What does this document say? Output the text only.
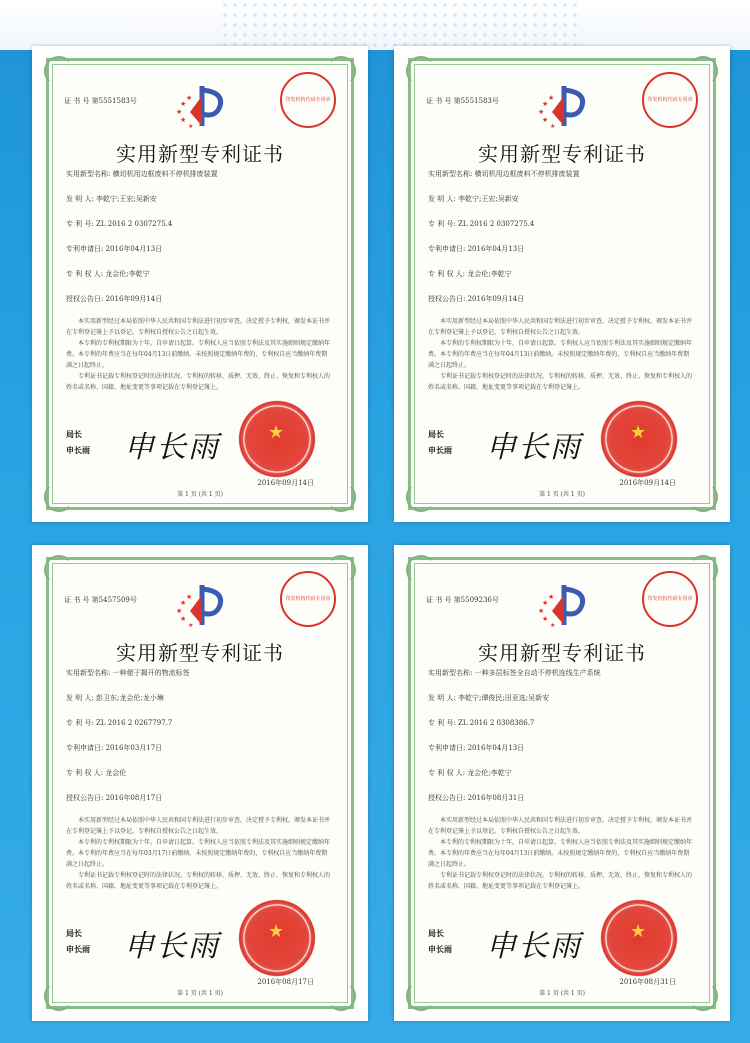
证 书 号 第5551583号	★
★
★
★
★
印发机构代码专用章
实用新型专利证书
实用新型名称: 横切机用边框废料不停机排废装置
发 明 人: 李乾宁;王宏;吴新安
专 利 号: ZL 2016 2 0307275.4
专利申请日: 2016年04月13日
专 利 权 人: 龙会伦;李乾宁
授权公告日: 2016年09月14日

本实用新型经过本局依照中华人民共和国专利法进行初步审查，决定授予专利权，颁发本证书并在专利登记簿上予以登记。专利权自授权公告之日起生效。

本专利的专利权期限为十年，自申请日起算。专利权人应当依照专利法及其实施细则规定缴纳年费。本专利的年费应当在每年04月13日前缴纳。未按照规定缴纳年费的，专利权自应当缴纳年费期满之日起终止。

专利证书记载专利权登记时的法律状况。专利权的转移、质押、无效、终止、恢复和专利权人的姓名或名称、国籍、地址变更等事项记载在专利登记簿上。

局长
申长雨 申长雨	★
2016年09月14日
第 1 页 (共 1 页)
证 书 号 第5551583号	★
★
★
★
★
印发机构代码专用章
实用新型专利证书
实用新型名称: 横切机用边框废料不停机排废装置
发 明 人: 李乾宁;王宏;吴新安
专 利 号: ZL 2016 2 0307275.4
专利申请日: 2016年04月13日
专 利 权 人: 龙会伦;李乾宁
授权公告日: 2016年09月14日

本实用新型经过本局依照中华人民共和国专利法进行初步审查，决定授予专利权，颁发本证书并在专利登记簿上予以登记。专利权自授权公告之日起生效。

本专利的专利权期限为十年，自申请日起算。专利权人应当依照专利法及其实施细则规定缴纳年费。本专利的年费应当在每年04月13日前缴纳。未按照规定缴纳年费的，专利权自应当缴纳年费期满之日起终止。

专利证书记载专利权登记时的法律状况。专利权的转移、质押、无效、终止、恢复和专利权人的姓名或名称、国籍、地址变更等事项记载在专利登记簿上。

局长
申长雨 申长雨	★
2016年09月14日
第 1 页 (共 1 页)
证 书 号 第5457509号	★
★
★
★
★
印发机构代码专用章
实用新型专利证书
实用新型名称: 一种便于揭开的物流标签
发 明 人: 彭卫东;龙会伦;龙小琳
专 利 号: ZL 2016 2 0267797.7
专利申请日: 2016年03月17日
专 利 权 人: 龙会伦
授权公告日: 2016年08月17日

本实用新型经过本局依照中华人民共和国专利法进行初步审查，决定授予专利权，颁发本证书并在专利登记簿上予以登记。专利权自授权公告之日起生效。

本专利的专利权期限为十年，自申请日起算。专利权人应当依照专利法及其实施细则规定缴纳年费。本专利的年费应当在每年03月17日前缴纳。未按照规定缴纳年费的，专利权自应当缴纳年费期满之日起终止。

专利证书记载专利权登记时的法律状况。专利权的转移、质押、无效、终止、恢复和专利权人的姓名或名称、国籍、地址变更等事项记载在专利登记簿上。

局长
申长雨 申长雨	★
2016年08月17日
第 1 页 (共 1 页)
证 书 号 第5509236号	★
★
★
★
★
印发机构代码专用章
实用新型专利证书
实用新型名称: 一种多层标签全自动不停机连线生产系统
发 明 人: 李乾宁;谭俊民;田亚选;吴新安
专 利 号: ZL 2016 2 0308386.7
专利申请日: 2016年04月13日
专 利 权 人: 龙会伦;李乾宁
授权公告日: 2016年08月31日

本实用新型经过本局依照中华人民共和国专利法进行初步审查，决定授予专利权，颁发本证书并在专利登记簿上予以登记。专利权自授权公告之日起生效。

本专利的专利权期限为十年，自申请日起算。专利权人应当依照专利法及其实施细则规定缴纳年费。本专利的年费应当在每年04月13日前缴纳。未按照规定缴纳年费的，专利权自应当缴纳年费期满之日起终止。

专利证书记载专利权登记时的法律状况。专利权的转移、质押、无效、终止、恢复和专利权人的姓名或名称、国籍、地址变更等事项记载在专利登记簿上。

局长
申长雨 申长雨	★
2016年08月31日
第 1 页 (共 1 页)
